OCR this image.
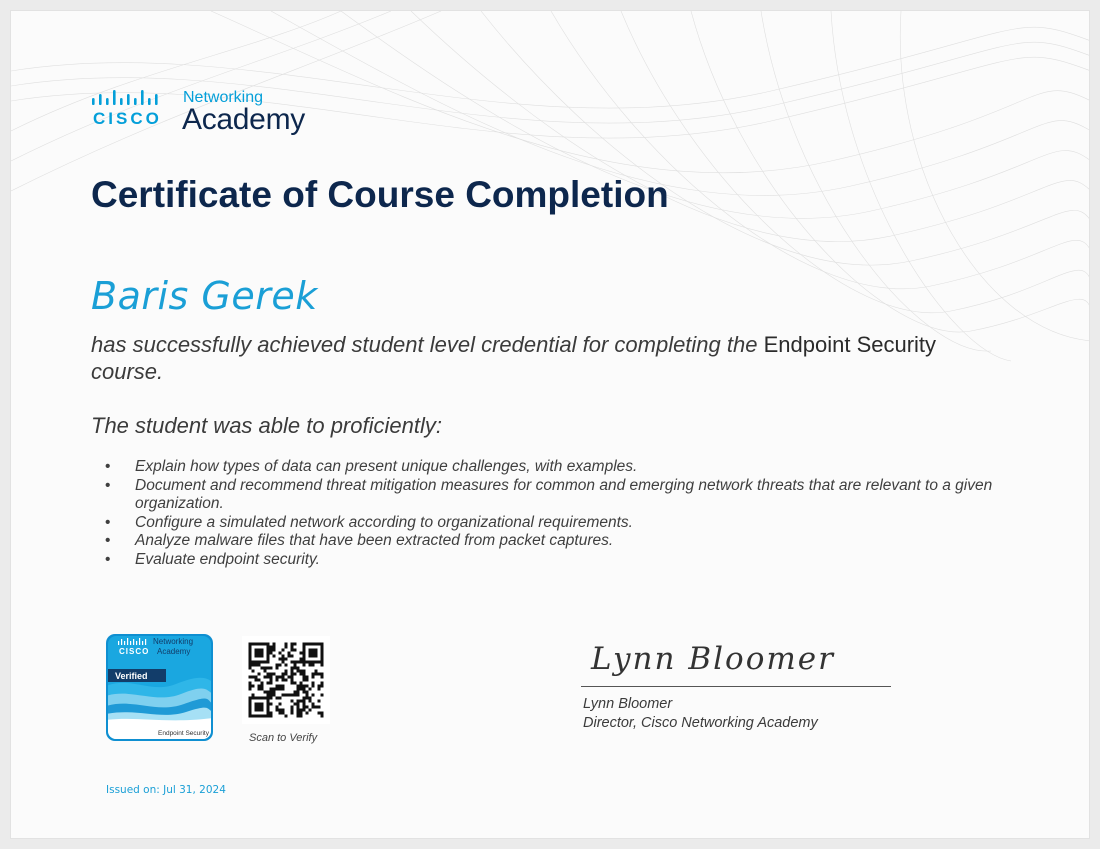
CISCO
Networking
Academy
Certificate of Course Completion

Baris Gerek

has successfully achieved student level credential for completing the Endpoint Security course.

The student was able to proficiently:

• Explain how types of data can present unique challenges, with examples.
• Document and recommend threat mitigation measures for common and emerging network threats that are relevant to a given organization.
• Configure a simulated network according to organizational requirements.
• Analyze malware files that have been extracted from packet captures.
• Evaluate endpoint security.
CISCO
Networking
Academy
Verified
Endpoint Security	Scan to Verify
Lynn Bloomer
Lynn Bloomer
Director, Cisco Networking Academy
Issued on: Jul 31, 2024
